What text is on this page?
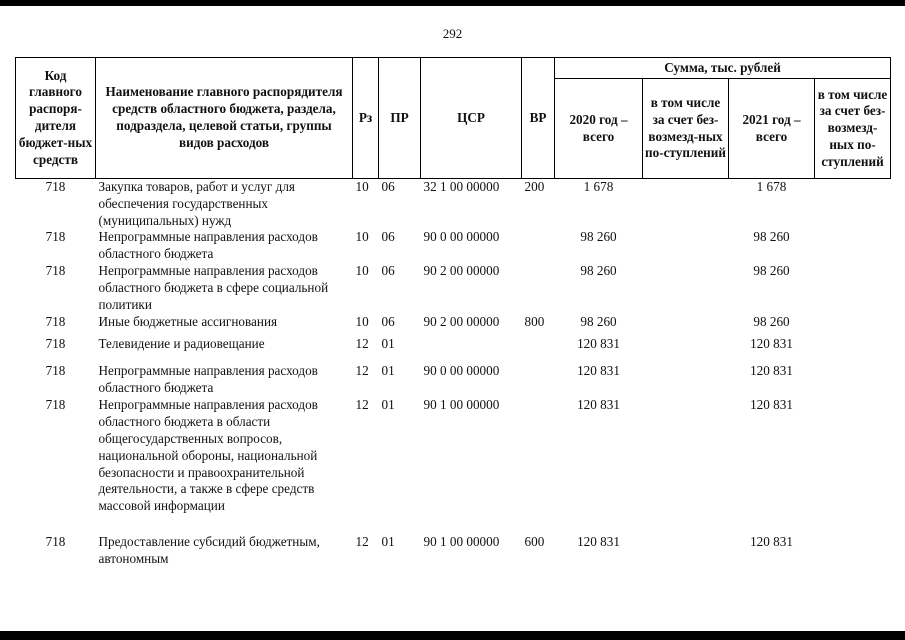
292
Код главного распоря-дителя бюджет-ных средств	Наименование главного распорядителя средств областного бюджета, раздела, подраздела, целевой статьи, группы видов расходов	Рз	ПР	ЦСР	ВР	Сумма, тыс. рублей			
						2020 год – всего	в том числе за счет без-возмезд-ных по-ступлений	2021 год – всего	в том числе за счет без-возмезд-ных по-ступлений
718	Закупка товаров, работ и услуг для обеспечения государственных (муниципальных) нужд	10	06	32 1 00 00000	200	1 678		1 678	
718	Непрограммные направления расходов областного бюджета	10	06	90 0 00 00000		98 260		98 260	
718	Непрограммные направления расходов областного бюджета в сфере социальной политики	10	06	90 2 00 00000		98 260		98 260	
718	Иные бюджетные ассигнования	10	06	90 2 00 00000	800	98 260		98 260	
718	Телевидение и радиовещание	12	01			120 831		120 831	
718	Непрограммные направления расходов областного бюджета	12	01	90 0 00 00000		120 831		120 831	
718	Непрограммные направления расходов областного бюджета в области общегосударственных вопросов, национальной обороны, национальной безопасности и правоохранительной деятельности, а также в сфере средств массовой информации	12	01	90 1 00 00000		120 831		120 831	
718	Предоставление субсидий бюджетным, автономным	12	01	90 1 00 00000	600	120 831		120 831	
